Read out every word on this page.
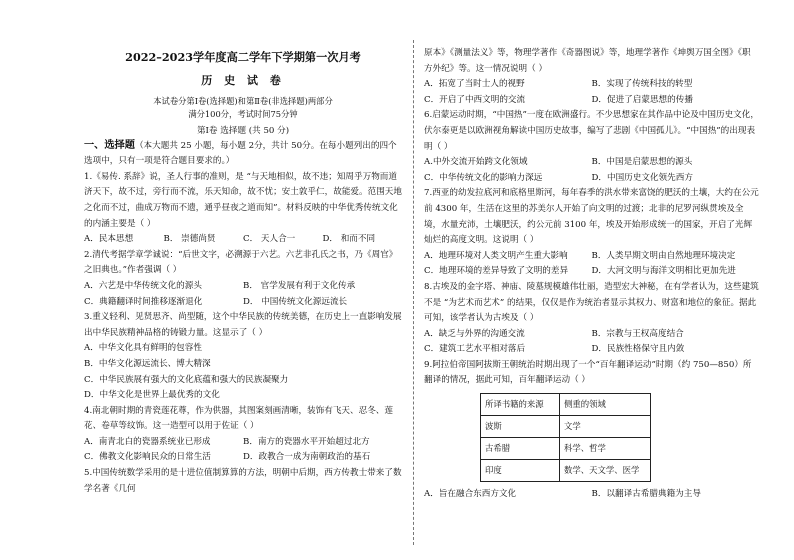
2022–2023学年度高二学年下学期第一次月考
历 史 试 卷
本试卷分第Ⅰ卷(选择题)和第Ⅱ卷(非选择题)两部分
满分100分，考试时间75分钟
第Ⅰ卷 选择题 (共 50 分)
一、选择题（本大题共 25 小题，每小题 2分，共计 50分。在每小题列出的四个选项中，只有一项是符合题目要求的。）
1.《易传. 系辞》说，圣人行事的准则，是 “与天地相似，故不违；知周乎万物而道济天下，故不过，旁行而不流，乐天知命，故不忧；安土敦乎仁，故能爱。范围天地之化而不过，曲成万物而不遗，通乎昼夜之道而知”。材料反映的中华优秀传统文化的内涵主要是（ ）
A．民本思想	B． 崇德尚贤	C． 天人合一	D． 和而不同
2.清代考据学章学诚说：“后世文字，必溯源于六艺。六艺非孔氏之书，乃《周官》之旧典也。”作者强调（ ）
A．六艺是中华传统文化的源头	B． 官学发展有利于文化传承
C．典籍翻译时间推移逐渐退化	D． 中国传统文化源远流长
3.重义轻利、见贤思齐、尚型随，这个中华民族的传统美德，在历史上一直影响发展出中华民族精神品格的铸锻力量。这显示了（ ）
A．中华文化具有鲜明的包容性
B．中华文化源远流长、博大精深
C．中华民族展有强大的文化底蕴和强大的民族凝聚力
D．中华文化是世界上最优秀的文化
4.南北朝时期的青瓷莲花尊，作为供器，其图案刻画清晰，装饰有飞天、忍冬、莲花、卷草等纹饰。这一造型可以用于佐证（ ）
A．南青北白的瓷器系统业已形成	B．南方的瓷器水平开始超过北方
C．佛教文化影响民众的日常生活	D．政教合一成为南朝政治的基石
5.中国传统数学采用的是十进位值制算算的方法，明朝中后期，西方传教士带来了数学名著《几何
原本》《测量法义》等，物理学著作《奇器图说》等，地理学著作《坤舆万国全图》《职方外纪》等。这一情况说明（ ）
A．拓宽了当时士人的视野	B．实现了传统科技的转型
C．开启了中西文明的交流	D．促进了启蒙思想的传播
6.启蒙运动时期，“中国热”一度在欧洲盛行。不少思想家在其作品中论及中国历史文化，伏尔泰更是以欧洲视角解读中国历史故事，编写了悲剧《中国孤儿》。“中国热”的出现表明（ ）
A.中外交流开始跨文化领域	B．中国是启蒙思想的源头
C．中华传统文化的影响力深远	D．中国历史文化领先西方
7.西亚的幼发拉底河和底格里斯河，每年春季的洪水带来富饶的肥沃的土壤，大约在公元前 4300 年，生活在这里的苏美尔人开始了向文明的过渡；北非的尼罗河纵贯埃及全境，水量充沛，土壤肥沃，约公元前 3100 年，埃及开始形成统一的国家，开启了光辉灿烂的高度文明。这说明（ ）
A．地理环境对人类文明产生重大影响	B．人类早期文明由自然地理环境决定
C．地理环境的差异导致了文明的差异	D．大河文明与海洋文明相比更加先进
8.古埃及的金字塔、神庙、陵墓规模雄伟壮丽，造型宏大神秘，在有学者认为，这些建筑不是 “为艺术而艺术” 的结果，仅仅是作为统治者显示其权力、财富和地位的象征。据此可知，该学者认为古埃及（ ）
A．缺乏与外界的沟通交流	B．宗教与王权高度结合
C．建筑工艺水平相对落后	D．民族性格保守且内敛
9.阿拉伯帝国阿拔斯王朝统治时期出现了一个“百年翻译运动”时期（约 750—850）所翻译的情况，据此可知，百年翻译运动（ ）
所译书籍的来源	侧重的领域
波斯	文学
古希腊	科学、哲学
印度	数学、天文学、医学
A．旨在融合东西方文化	B．以翻译古希腊典籍为主导
